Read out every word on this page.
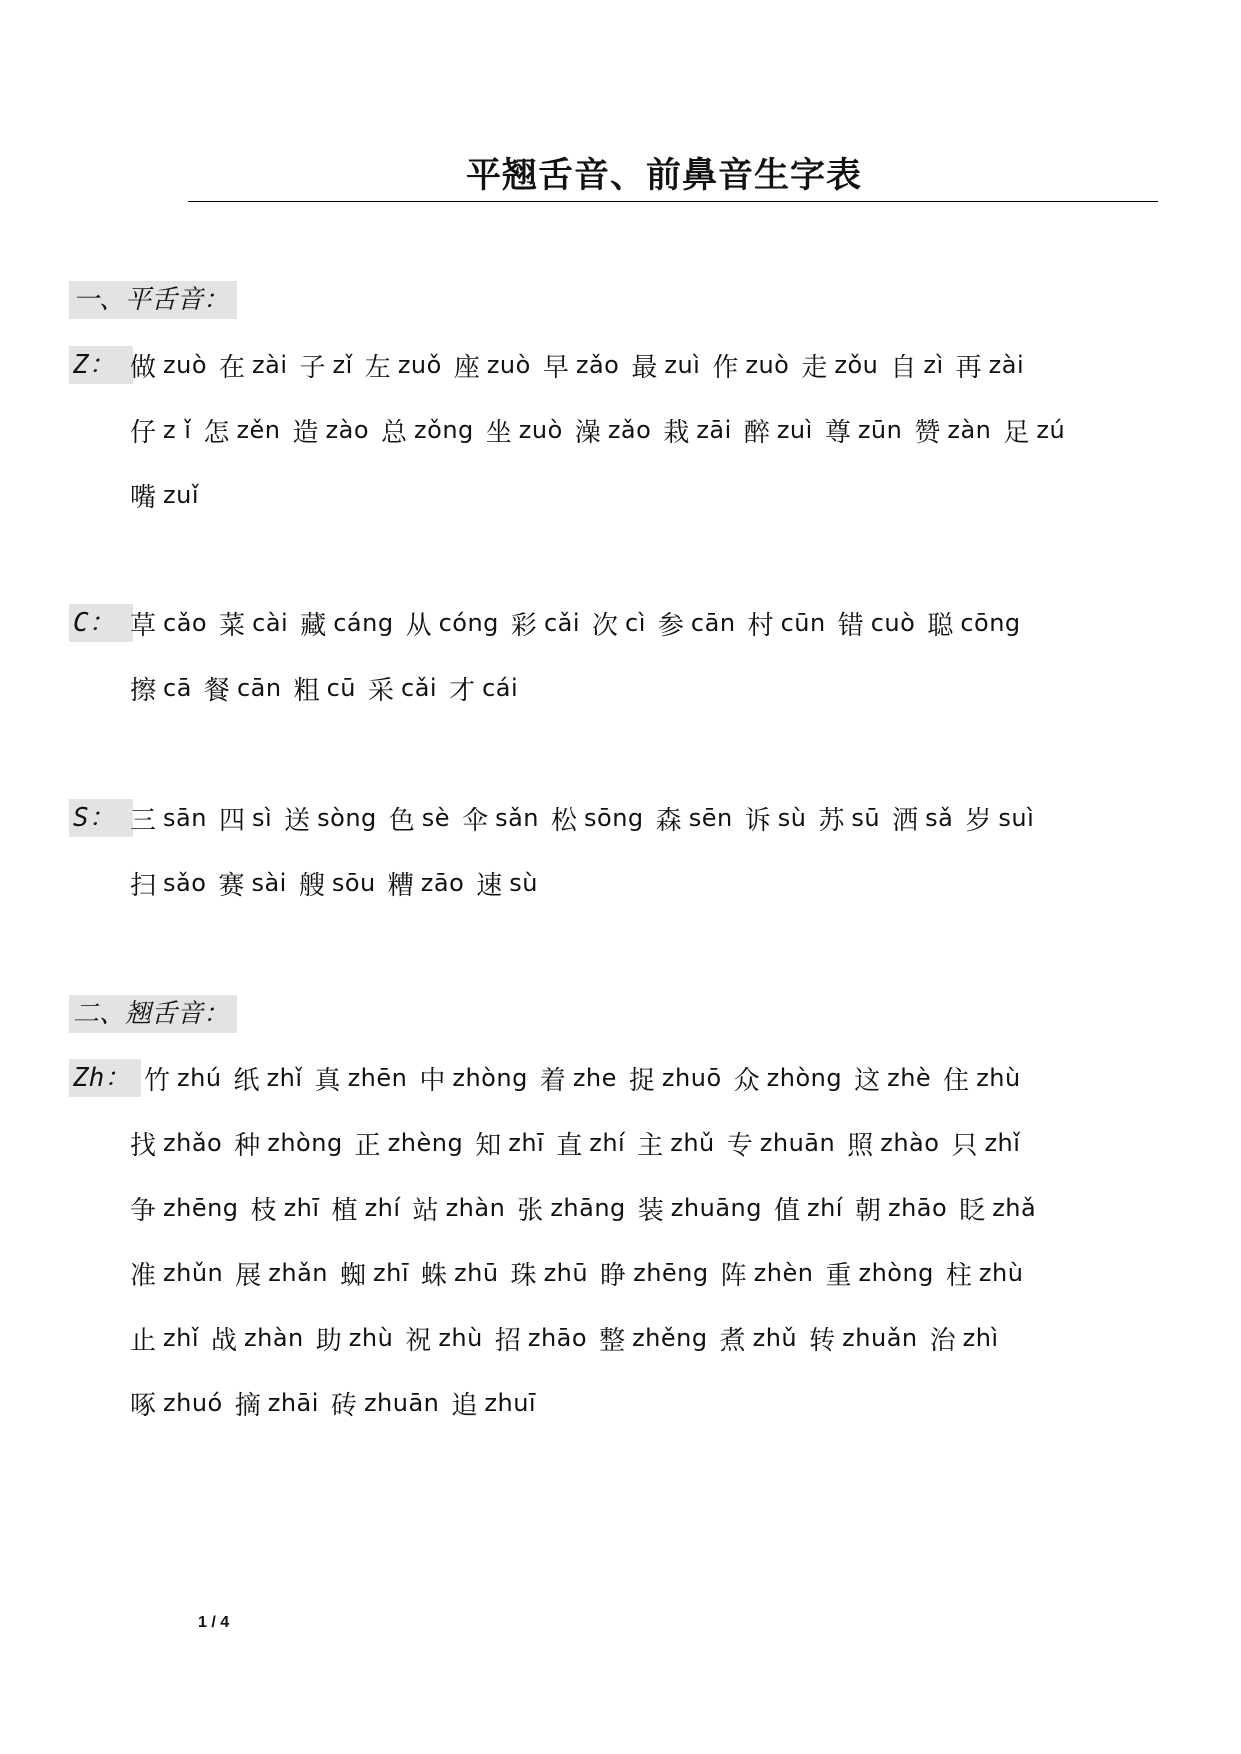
平翘舌音、前鼻音生字表
一、平舌音：
Z： 做 zuò 在 zài 子 zǐ 左 zuǒ 座 zuò 早 zǎo 最 zuì 作 zuò 走 zǒu 自 zì 再 zài
仔 z ǐ 怎 zěn 造 zào 总 zǒng 坐 zuò 澡 zǎo 栽 zāi 醉 zuì 尊 zūn 赞 zàn 足 zú
嘴 zuǐ
C： 草 cǎo 菜 cài 藏 cáng 从 cóng 彩 cǎi 次 cì 参 cān 村 cūn 错 cuò 聪 cōng
擦 cā 餐 cān 粗 cū 采 cǎi 才 cái
S： 三 sān 四 sì 送 sòng 色 sè 伞 sǎn 松 sōng 森 sēn 诉 sù 苏 sū 洒 sǎ 岁 suì
扫 sǎo 赛 sài 艘 sōu 糟 zāo 速 sù
二、翘舌音：
Zh： 竹 zhú 纸 zhǐ 真 zhēn 中 zhòng 着 zhe 捉 zhuō 众 zhòng 这 zhè 住 zhù
找 zhǎo 种 zhòng 正 zhèng 知 zhī 直 zhí 主 zhǔ 专 zhuān 照 zhào 只 zhǐ
争 zhēng 枝 zhī 植 zhí 站 zhàn 张 zhāng 装 zhuāng 值 zhí 朝 zhāo 眨 zhǎ
准 zhǔn 展 zhǎn 蜘 zhī 蛛 zhū 珠 zhū 睁 zhēng 阵 zhèn 重 zhòng 柱 zhù
止 zhǐ 战 zhàn 助 zhù 祝 zhù 招 zhāo 整 zhěng 煮 zhǔ 转 zhuǎn 治 zhì
啄 zhuó 摘 zhāi 砖 zhuān 追 zhuī
1 / 4
